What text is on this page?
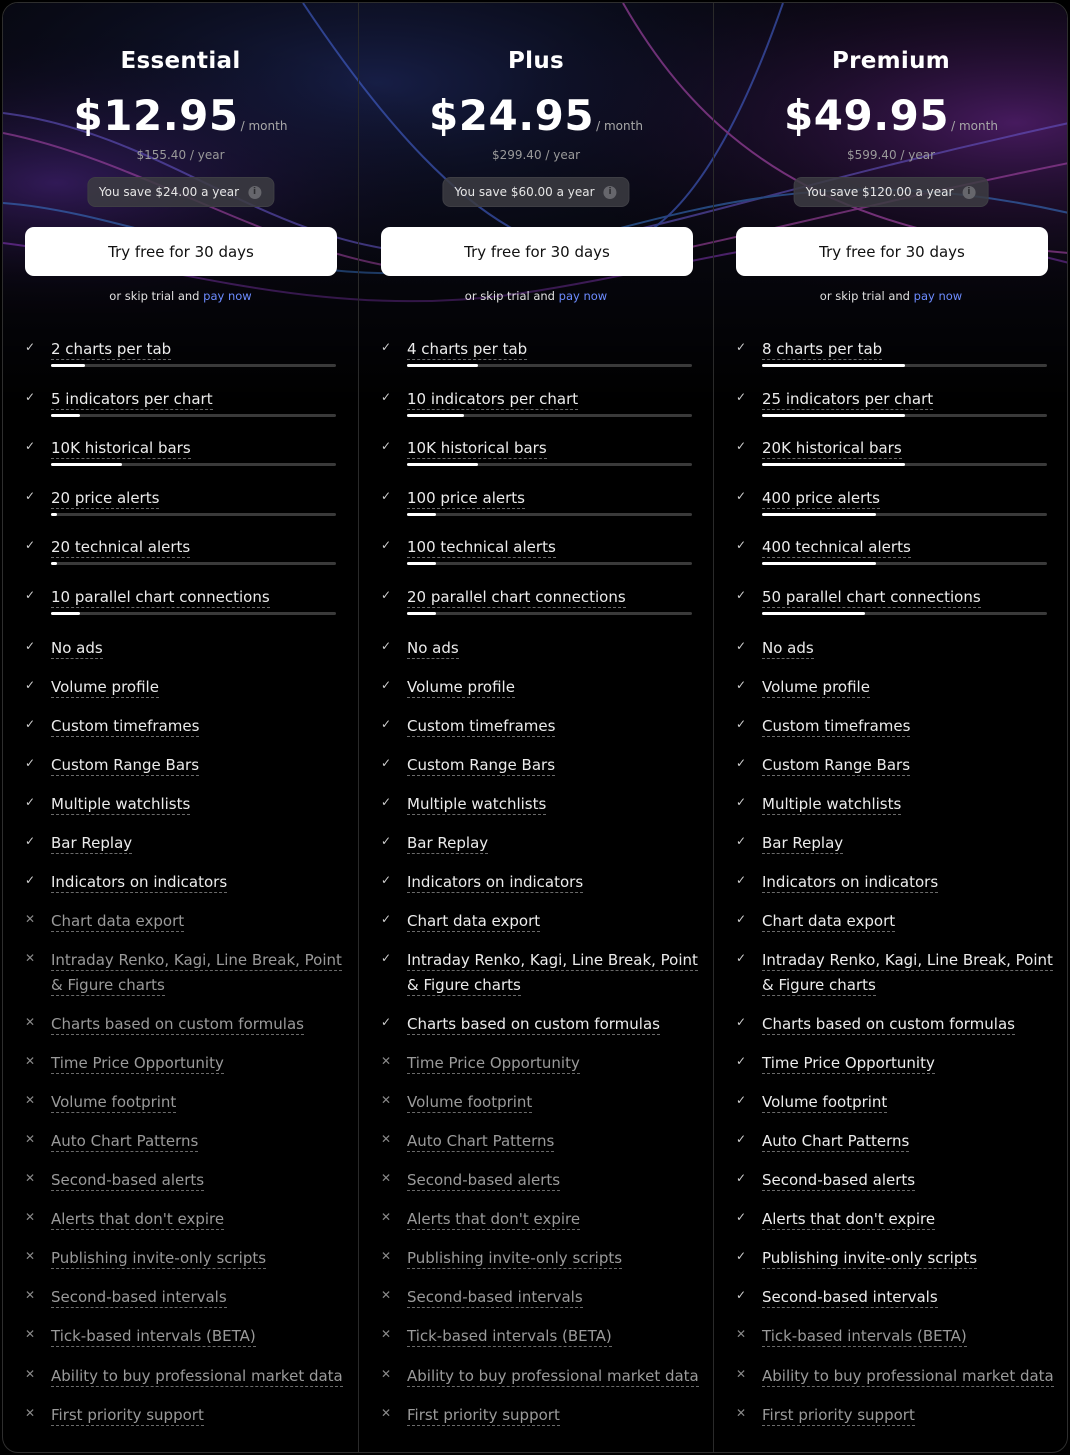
Essential
$12.95 / month
$155.40 / year
You save $24.00 a year	i
Try free for 30 days
or skip trial and pay now
✓	2 charts per tab
✓	5 indicators per chart
✓	10K historical bars
✓	20 price alerts
✓	20 technical alerts
✓	10 parallel chart connections
✓	No ads
✓	Volume profile
✓	Custom timeframes
✓	Custom Range Bars
✓	Multiple watchlists
✓	Bar Replay
✓	Indicators on indicators
✕	Chart data export
✕	Intraday Renko, Kagi, Line Break, Point & Figure charts
✕	Charts based on custom formulas
✕	Time Price Opportunity
✕	Volume footprint
✕	Auto Chart Patterns
✕	Second-based alerts
✕	Alerts that don't expire
✕	Publishing invite-only scripts
✕	Second-based intervals
✕	Tick-based intervals (BETA)
✕	Ability to buy professional market data
✕	First priority support
Plus
$24.95 / month
$299.40 / year
You save $60.00 a year	i
Try free for 30 days
or skip trial and pay now
✓	4 charts per tab
✓	10 indicators per chart
✓	10K historical bars
✓	100 price alerts
✓	100 technical alerts
✓	20 parallel chart connections
✓	No ads
✓	Volume profile
✓	Custom timeframes
✓	Custom Range Bars
✓	Multiple watchlists
✓	Bar Replay
✓	Indicators on indicators
✓	Chart data export
✓	Intraday Renko, Kagi, Line Break, Point & Figure charts
✓	Charts based on custom formulas
✕	Time Price Opportunity
✕	Volume footprint
✕	Auto Chart Patterns
✕	Second-based alerts
✕	Alerts that don't expire
✕	Publishing invite-only scripts
✕	Second-based intervals
✕	Tick-based intervals (BETA)
✕	Ability to buy professional market data
✕	First priority support
Premium
$49.95 / month
$599.40 / year
You save $120.00 a year	i
Try free for 30 days
or skip trial and pay now
✓	8 charts per tab
✓	25 indicators per chart
✓	20K historical bars
✓	400 price alerts
✓	400 technical alerts
✓	50 parallel chart connections
✓	No ads
✓	Volume profile
✓	Custom timeframes
✓	Custom Range Bars
✓	Multiple watchlists
✓	Bar Replay
✓	Indicators on indicators
✓	Chart data export
✓	Intraday Renko, Kagi, Line Break, Point & Figure charts
✓	Charts based on custom formulas
✓	Time Price Opportunity
✓	Volume footprint
✓	Auto Chart Patterns
✓	Second-based alerts
✓	Alerts that don't expire
✓	Publishing invite-only scripts
✓	Second-based intervals
✕	Tick-based intervals (BETA)
✕	Ability to buy professional market data
✕	First priority support
